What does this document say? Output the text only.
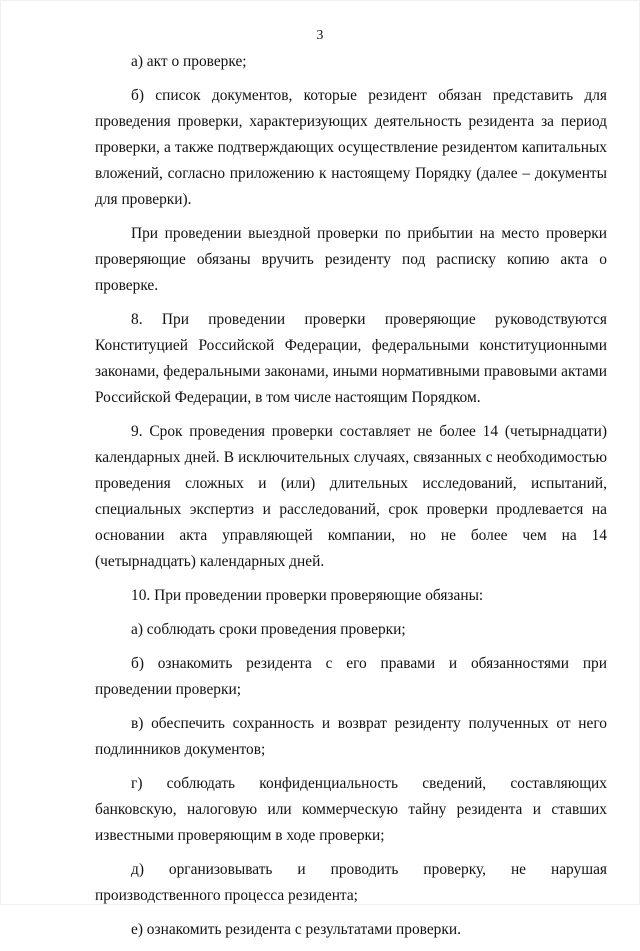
3

а) акт о проверке;

б) список документов, которые резидент обязан представить для проведения проверки, характеризующих деятельность резидента за период проверки, а также подтверждающих осуществление резидентом капитальных вложений, согласно приложению к настоящему Порядку (далее – документы для проверки).

При проведении выездной проверки по прибытии на место проверки проверяющие обязаны вручить резиденту под расписку копию акта о проверке.

8. При проведении проверки проверяющие руководствуются Конституцией Российской Федерации, федеральными конституционными законами, федеральными законами, иными нормативными правовыми актами Российской Федерации, в том числе настоящим Порядком.

9. Срок проведения проверки составляет не более 14 (четырнадцати) календарных дней. В исключительных случаях, связанных с необходимостью проведения сложных и (или) длительных исследований, испытаний, специальных экспертиз и расследований, срок проверки продлевается на основании акта управляющей компании, но не более чем на 14 (четырнадцать) календарных дней.

10. При проведении проверки проверяющие обязаны:

а) соблюдать сроки проведения проверки;

б) ознакомить резидента с его правами и обязанностями при проведении проверки;

в) обеспечить сохранность и возврат резиденту полученных от него подлинников документов;

г) соблюдать конфиденциальность сведений, составляющих банковскую, налоговую или коммерческую тайну резидента и ставших известными проверяющим в ходе проверки;

д) организовывать и проводить проверку, не нарушая производственного процесса резидента;

е) ознакомить резидента с результатами проверки.
